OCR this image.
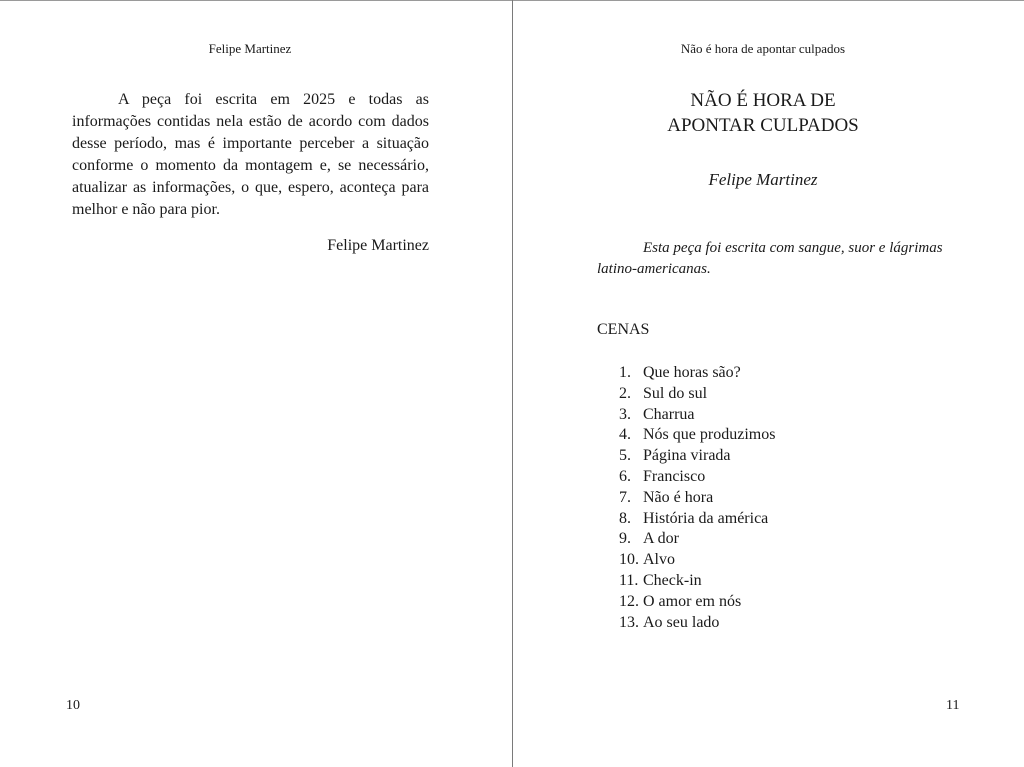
Felipe Martinez

A peça foi escrita em 2025 e todas as informações contidas nela estão de acordo com dados desse período, mas é importante perceber a situação conforme o momento da montagem e, se necessário, atualizar as informações, o que, espero, aconteça para melhor e não para pior.

Felipe Martinez
10
Não é hora de apontar culpados
NÃO É HORA DE
APONTAR CULPADOS
Felipe Martinez

Esta peça foi escrita com sangue, suor e lágrimas latino-americanas.

CENAS
1. Que horas são?
2. Sul do sul
3. Charrua
4. Nós que produzimos
5. Página virada
6. Francisco
7. Não é hora
8. História da américa
9. A dor
10. Alvo
11. Check-in
12. O amor em nós
13. Ao seu lado
11
